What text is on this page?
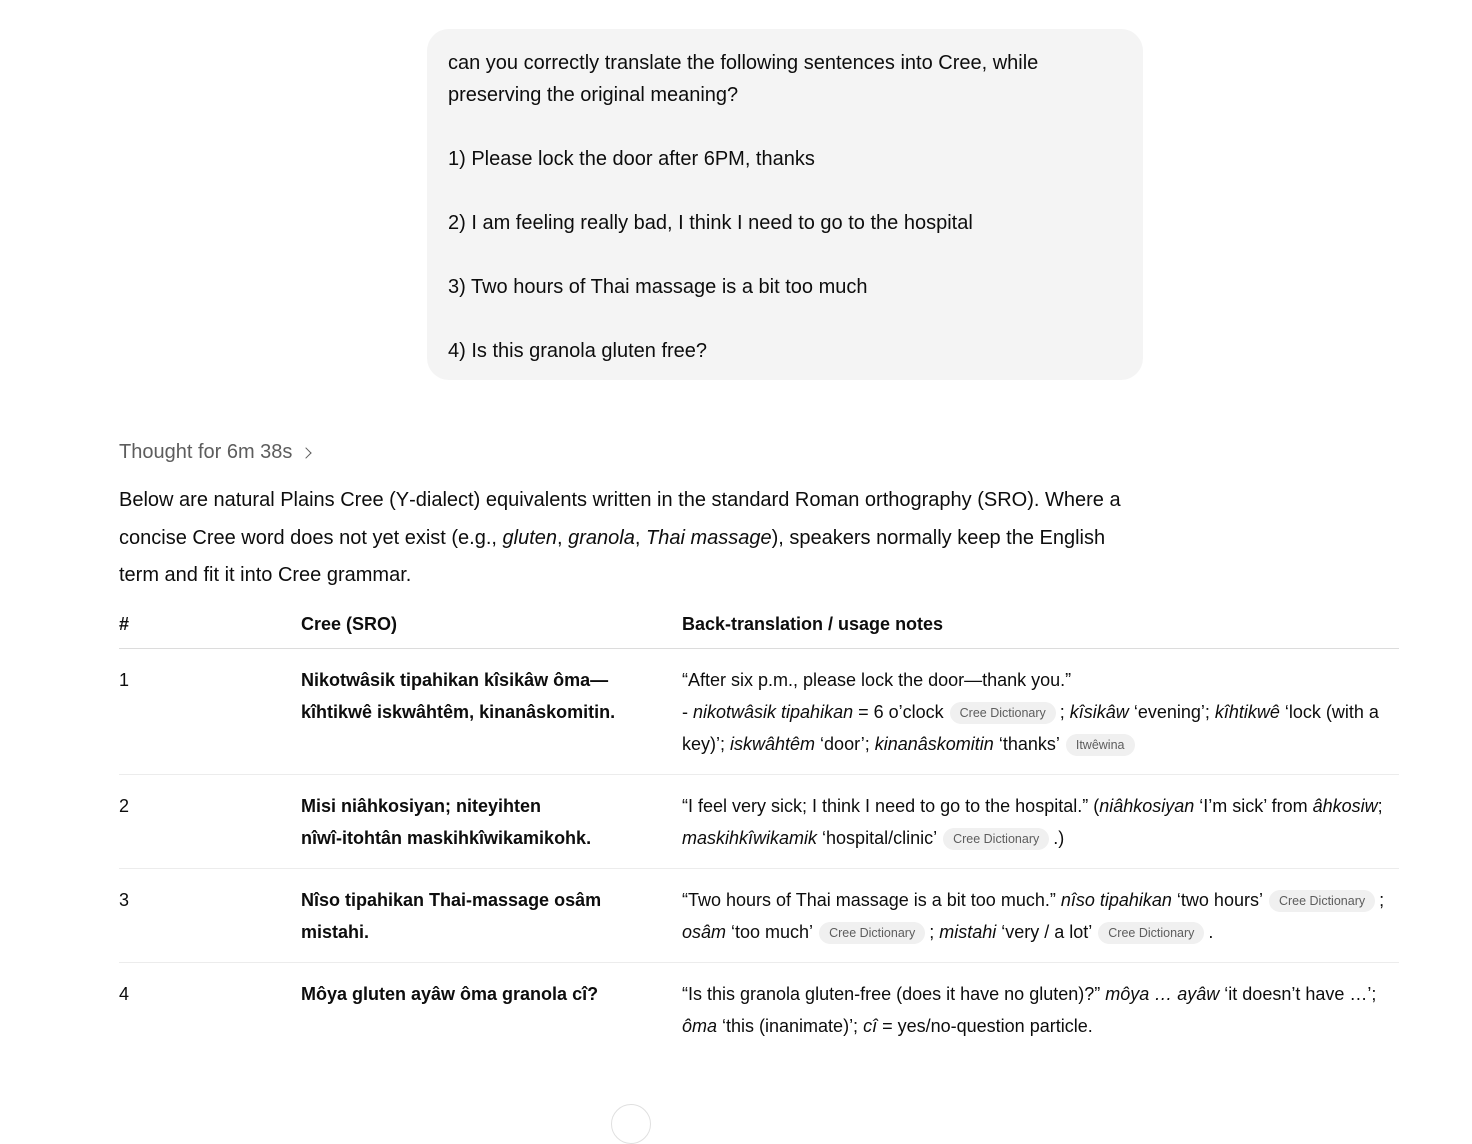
can you correctly translate the following sentences into Cree, while preserving the original meaning?

1) Please lock the door after 6PM, thanks

2) I am feeling really bad, I think I need to go to the hospital

3) Two hours of Thai massage is a bit too much

4) Is this granola gluten free?

Thought for 6m 38s

Below are natural Plains Cree (Y‑dialect) equivalents written in the standard Roman orthography (SRO). Where a concise Cree word does not yet exist (e.g., gluten, granola, Thai massage), speakers normally keep the English term and fit it into Cree grammar.

#	Cree (SRO)	Back‑translation / usage notes
1	Nikotwâsik tipahikan kîsikâw ôma—kîhtikwê iskwâhtêm, kinanâskomitin.	“After six p.m., please lock the door—thank you.”
- nikotwâsik tipahikan = 6 o’clock Cree Dictionary ; kîsikâw ‘evening’; kîhtikwê ‘lock (with a key)’; iskwâhtêm ‘door’; kinanâskomitin ‘thanks’ Itwêwina
2	Misi niâhkosiyan; niteyihten nîwî‑itohtân maskihkîwikamikohk.	“I feel very sick; I think I need to go to the hospital.” (niâhkosiyan ‘I’m sick’ from âhkosiw; maskihkîwikamik ‘hospital/clinic’ Cree Dictionary .)
3	Nîso tipahikan Thai‑massage osâm mistahi.	“Two hours of Thai massage is a bit too much.” nîso tipahikan ‘two hours’ Cree Dictionary ; osâm ‘too much’ Cree Dictionary ; mistahi ‘very / a lot’ Cree Dictionary .
4	Môya gluten ayâw ôma granola cî?	“Is this granola gluten‑free (does it have no gluten)?” môya … ayâw ‘it doesn’t have …’; ôma ‘this (inanimate)’; cî = yes/no‑question particle.
